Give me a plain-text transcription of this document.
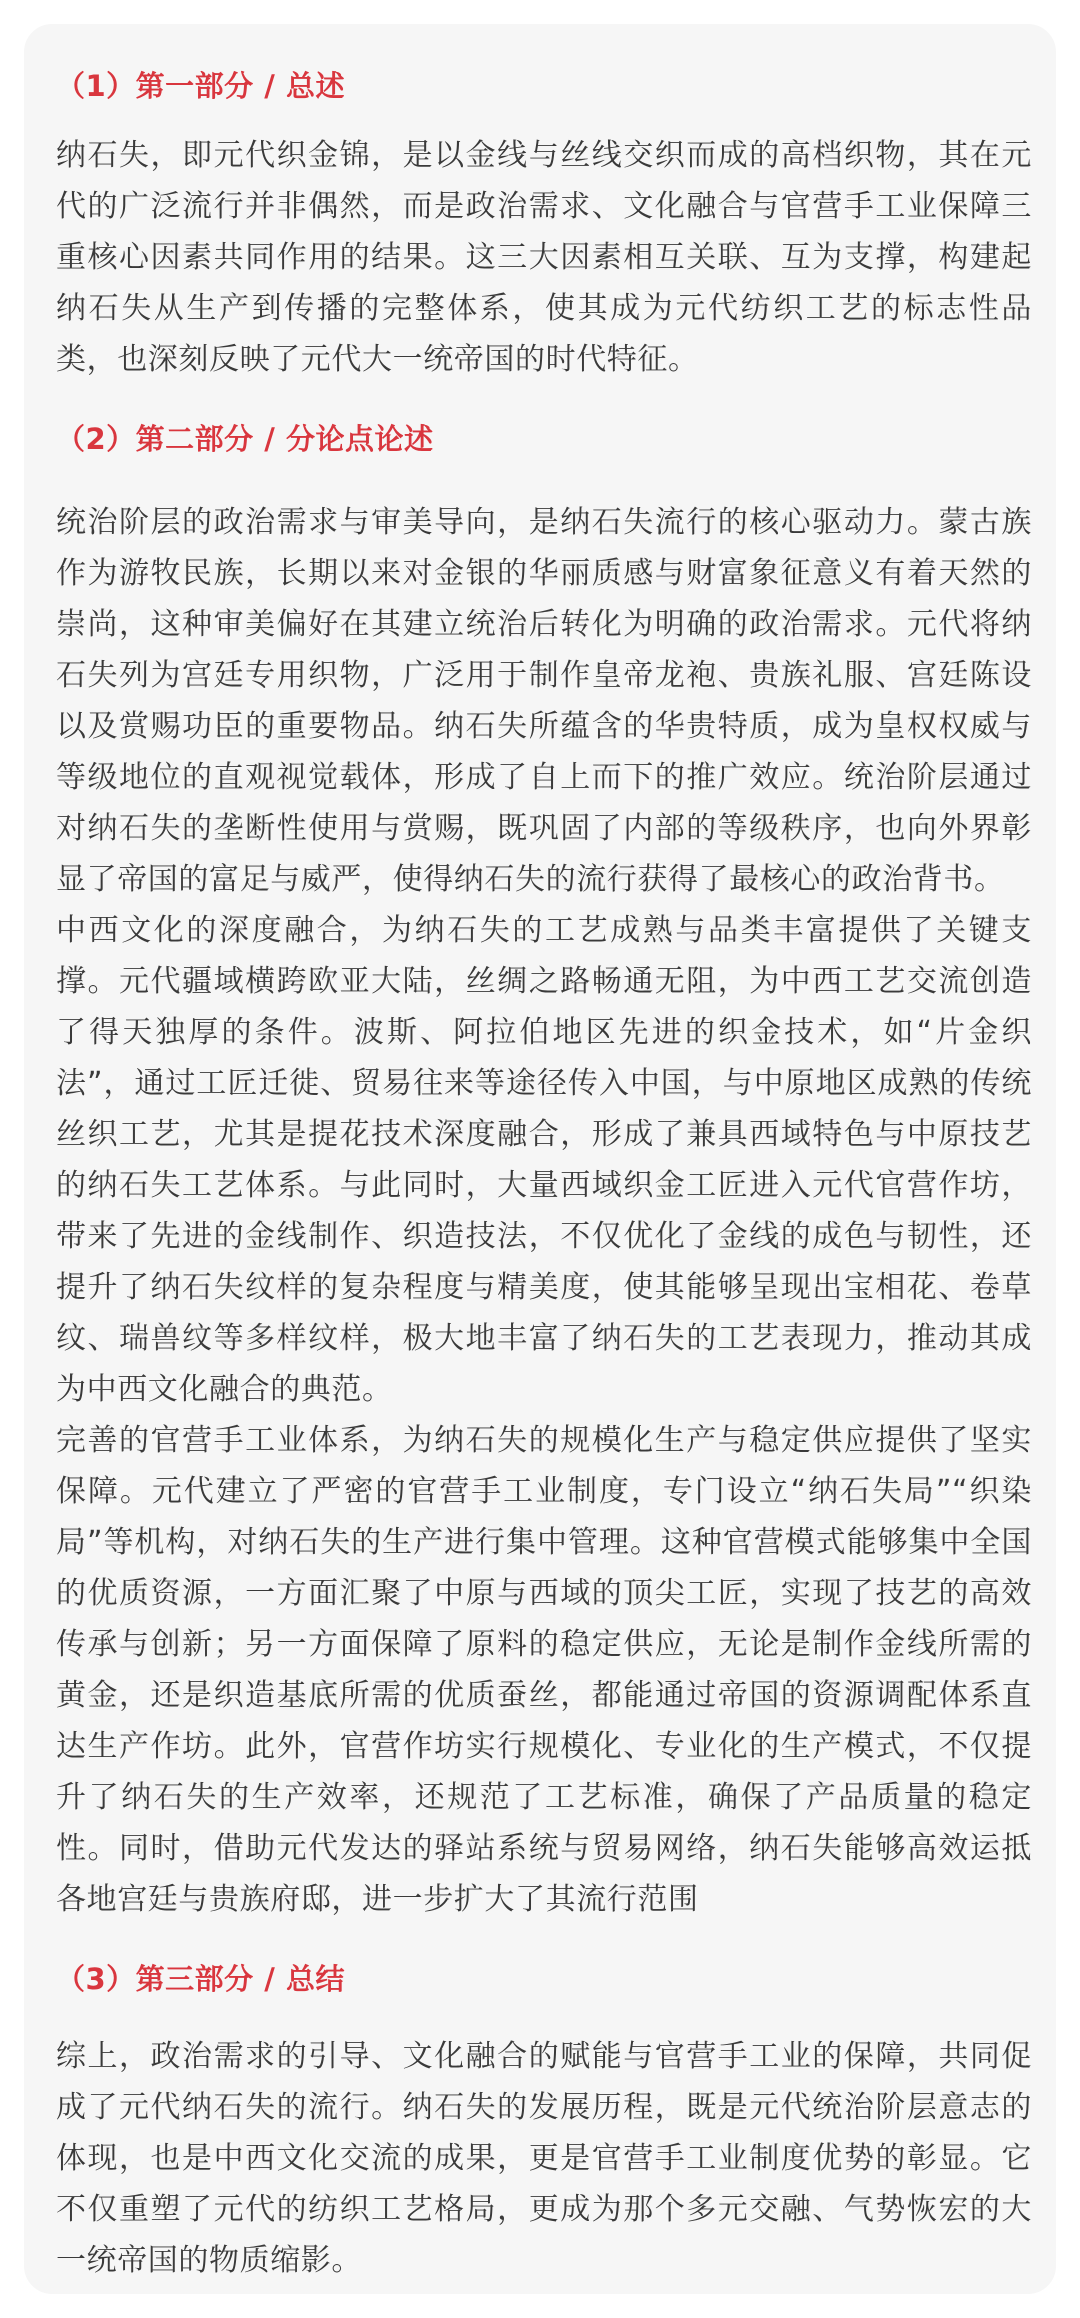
（1）第一部分 / 总述

纳石失，即元代织金锦，是以金线与丝线交织而成的高档织物，其在元代的广泛流行并非偶然，而是政治需求、文化融合与官营手工业保障三重核心因素共同作用的结果。这三大因素相互关联、互为支撑，构建起纳石失从生产到传播的完整体系，使其成为元代纺织工艺的标志性品类，也深刻反映了元代大一统帝国的时代特征。

（2）第二部分 / 分论点论述

统治阶层的政治需求与审美导向，是纳石失流行的核心驱动力。蒙古族作为游牧民族，长期以来对金银的华丽质感与财富象征意义有着天然的崇尚，这种审美偏好在其建立统治后转化为明确的政治需求。元代将纳石失列为宫廷专用织物，广泛用于制作皇帝龙袍、贵族礼服、宫廷陈设以及赏赐功臣的重要物品。纳石失所蕴含的华贵特质，成为皇权权威与等级地位的直观视觉载体，形成了自上而下的推广效应。统治阶层通过对纳石失的垄断性使用与赏赐，既巩固了内部的等级秩序，也向外界彰显了帝国的富足与威严，使得纳石失的流行获得了最核心的政治背书。

中西文化的深度融合，为纳石失的工艺成熟与品类丰富提供了关键支撑。元代疆域横跨欧亚大陆，丝绸之路畅通无阻，为中西工艺交流创造了得天独厚的条件。波斯、阿拉伯地区先进的织金技术，如“片金织法”，通过工匠迁徙、贸易往来等途径传入中国，与中原地区成熟的传统丝织工艺，尤其是提花技术深度融合，形成了兼具西域特色与中原技艺的纳石失工艺体系。与此同时，大量西域织金工匠进入元代官营作坊，带来了先进的金线制作、织造技法，不仅优化了金线的成色与韧性，还提升了纳石失纹样的复杂程度与精美度，使其能够呈现出宝相花、卷草纹、瑞兽纹等多样纹样，极大地丰富了纳石失的工艺表现力，推动其成为中西文化融合的典范。

完善的官营手工业体系，为纳石失的规模化生产与稳定供应提供了坚实保障。元代建立了严密的官营手工业制度，专门设立“纳石失局”“织染局”等机构，对纳石失的生产进行集中管理。这种官营模式能够集中全国的优质资源，一方面汇聚了中原与西域的顶尖工匠，实现了技艺的高效传承与创新；另一方面保障了原料的稳定供应，无论是制作金线所需的黄金，还是织造基底所需的优质蚕丝，都能通过帝国的资源调配体系直达生产作坊。此外，官营作坊实行规模化、专业化的生产模式，不仅提升了纳石失的生产效率，还规范了工艺标准，确保了产品质量的稳定性。同时，借助元代发达的驿站系统与贸易网络，纳石失能够高效运抵各地宫廷与贵族府邸，进一步扩大了其流行范围

（3）第三部分 / 总结

综上，政治需求的引导、文化融合的赋能与官营手工业的保障，共同促成了元代纳石失的流行。纳石失的发展历程，既是元代统治阶层意志的体现，也是中西文化交流的成果，更是官营手工业制度优势的彰显。它不仅重塑了元代的纺织工艺格局，更成为那个多元交融、气势恢宏的大一统帝国的物质缩影。
